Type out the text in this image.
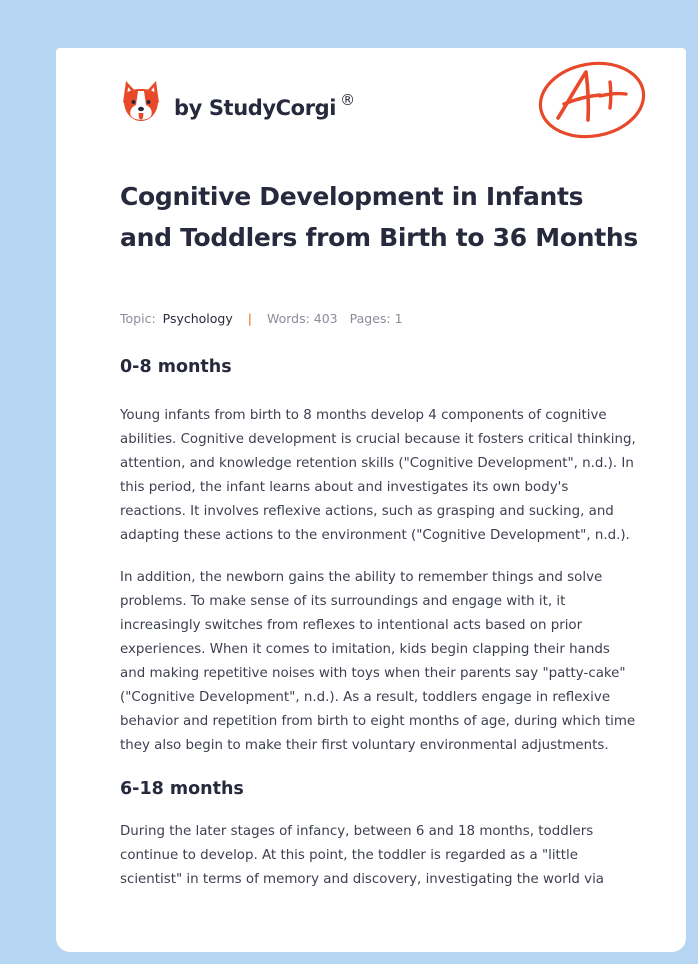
by StudyCorgi ®
Cognitive Development in Infants and Toddlers from Birth to 36 Months
Topic: Psychology | Words: 403 Pages: 1
0-8 months

Young infants from birth to 8 months develop 4 components of cognitive abilities. Cognitive development is crucial because it fosters critical thinking, attention, and knowledge retention skills ("Cognitive Development", n.d.). In this period, the infant learns about and investigates its own body's reactions. It involves reflexive actions, such as grasping and sucking, and adapting these actions to the environment ("Cognitive Development", n.d.).

In addition, the newborn gains the ability to remember things and solve problems. To make sense of its surroundings and engage with it, it increasingly switches from reflexes to intentional acts based on prior experiences. When it comes to imitation, kids begin clapping their hands and making repetitive noises with toys when their parents say "patty-cake" ("Cognitive Development", n.d.). As a result, toddlers engage in reflexive behavior and repetition from birth to eight months of age, during which time they also begin to make their first voluntary environmental adjustments.

6-18 months

During the later stages of infancy, between 6 and 18 months, toddlers continue to develop. At this point, the toddler is regarded as a "little scientist" in terms of memory and discovery, investigating the world via
